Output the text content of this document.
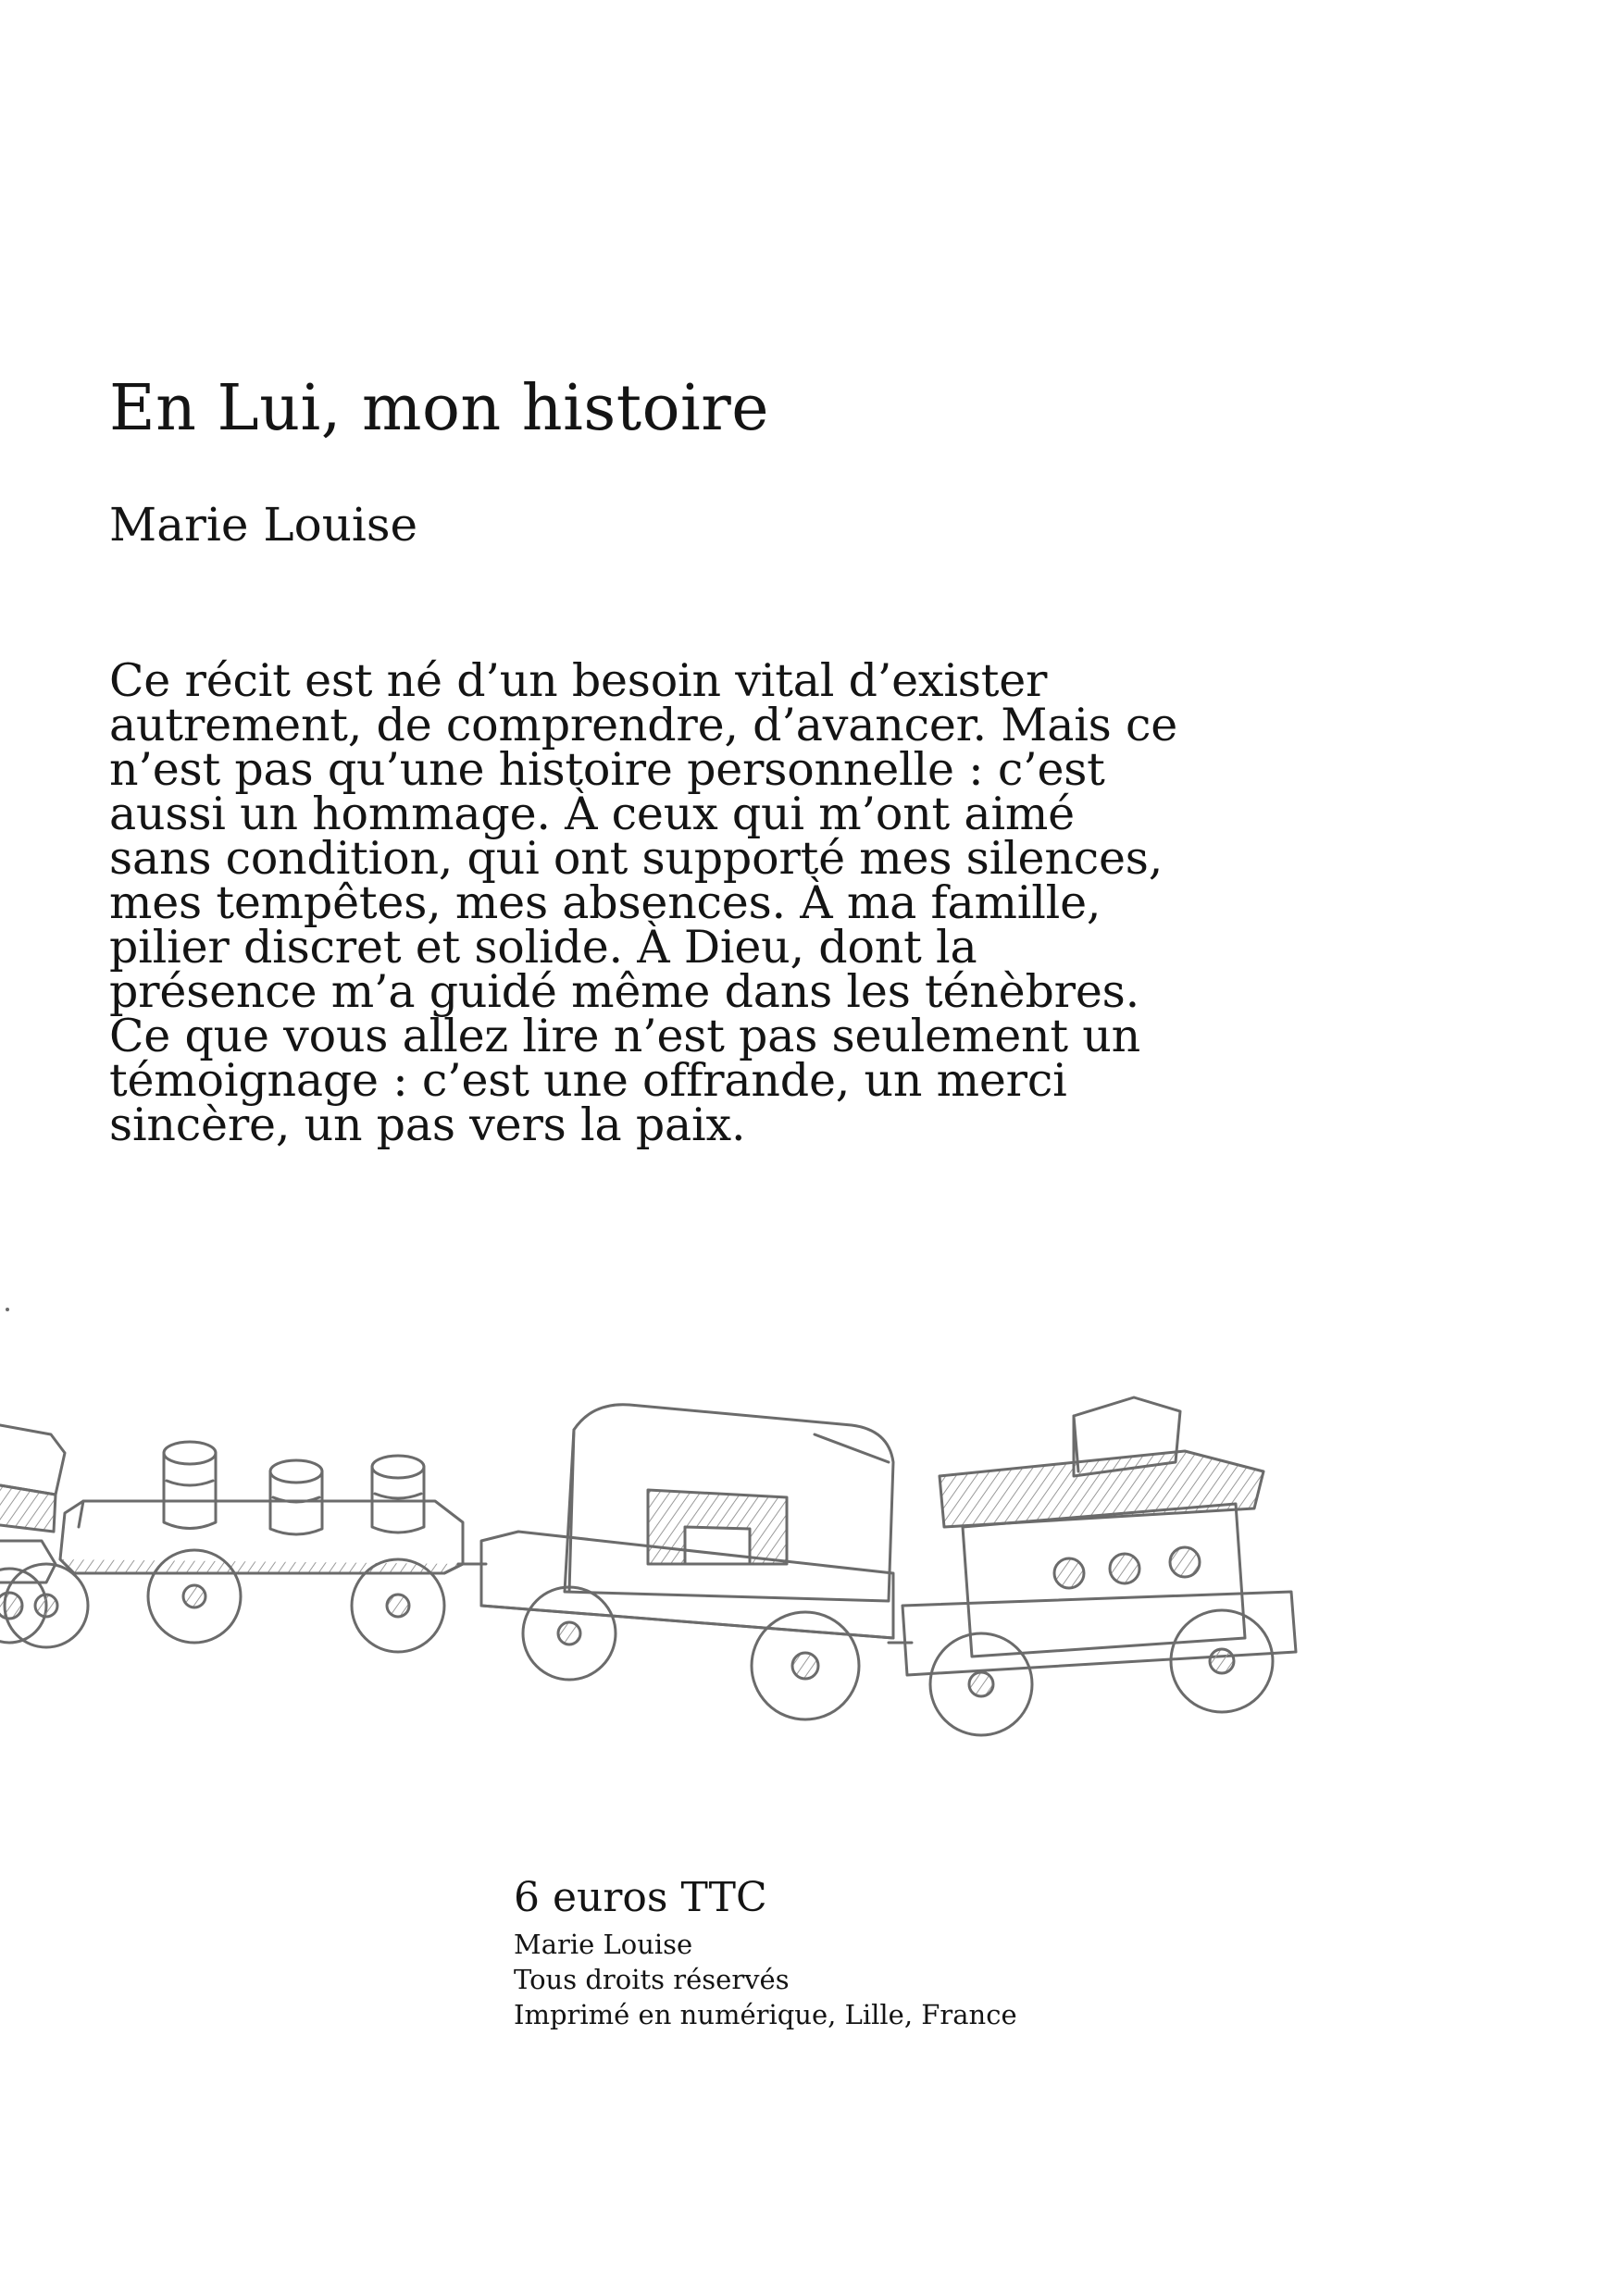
En Lui, mon histoire

Marie Louise

Ce récit est né d’un besoin vital d’exister
autrement, de comprendre, d’avancer. Mais ce
n’est pas qu’une histoire personnelle : c’est
aussi un hommage. À ceux qui m’ont aimé
sans condition, qui ont supporté mes silences,
mes tempêtes, mes absences. À ma famille,
pilier discret et solide. À Dieu, dont la
présence m’a guidé même dans les ténèbres.
Ce que vous allez lire n’est pas seulement un
témoignage : c’est une offrande, un merci
sincère, un pas vers la paix.

6 euros TTC
Marie Louise
Tous droits réservés
Imprimé en numérique, Lille, France
